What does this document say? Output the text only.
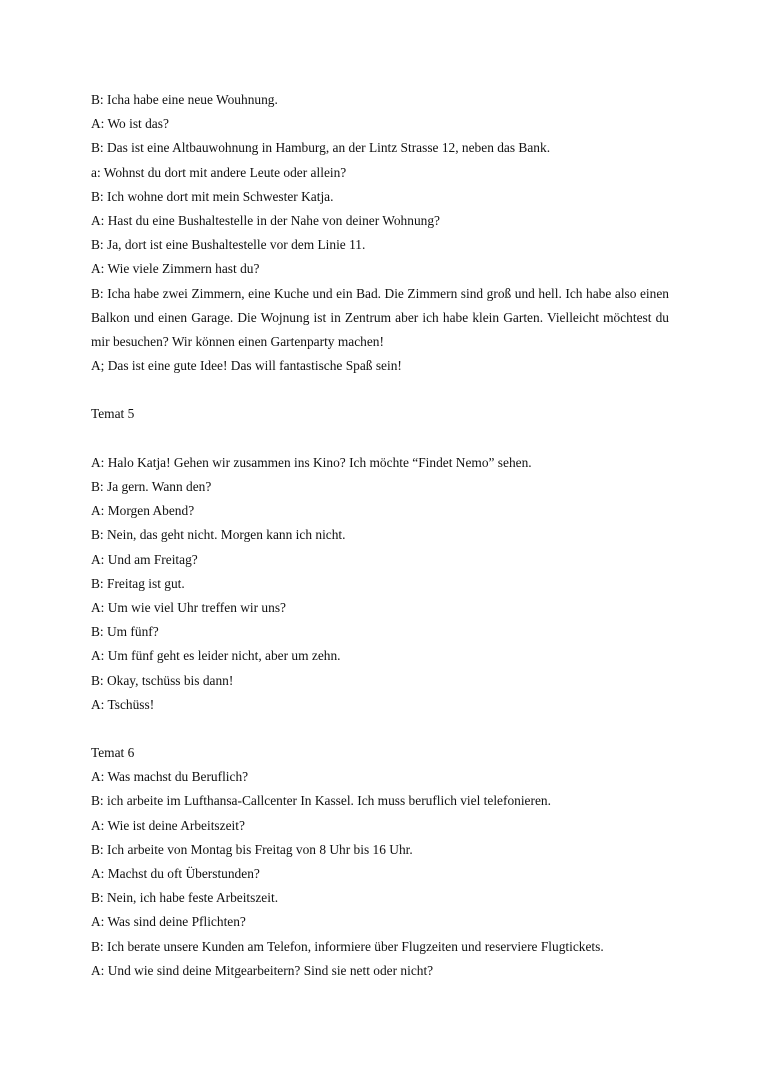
B: Icha habe eine neue Wouhnung.
A: Wo ist das?
B: Das ist eine Altbauwohnung in Hamburg, an der Lintz Strasse 12, neben das Bank.
a: Wohnst du dort mit andere Leute oder allein?
B: Ich wohne dort mit mein Schwester Katja.
A: Hast du eine Bushaltestelle in der Nahe von deiner Wohnung?
B: Ja, dort ist eine Bushaltestelle vor dem Linie 11.
A: Wie viele Zimmern hast du?
B: Icha habe zwei Zimmern, eine Kuche und ein Bad. Die Zimmern sind groß und hell. Ich habe also einen Balkon und einen Garage. Die Wojnung ist in Zentrum aber ich habe klein Garten. Vielleicht möchtest du mir besuchen? Wir können einen Gartenparty machen!
A; Das ist eine gute Idee! Das will fantastische Spaß sein!
Temat 5
A: Halo Katja! Gehen wir zusammen ins Kino? Ich möchte “Findet Nemo” sehen.
B: Ja gern. Wann den?
A: Morgen Abend?
B: Nein, das geht nicht. Morgen kann ich nicht.
A: Und am Freitag?
B: Freitag ist gut.
A: Um wie viel Uhr treffen wir uns?
B: Um fünf?
A: Um fünf geht es leider nicht, aber um zehn.
B: Okay, tschüss bis dann!
A: Tschüss!
Temat 6
A: Was machst du Beruflich?
B: ich arbeite im Lufthansa-Callcenter In Kassel. Ich muss beruflich viel telefonieren.
A: Wie ist deine Arbeitszeit?
B: Ich arbeite von Montag bis Freitag von 8 Uhr bis 16 Uhr.
A: Machst du oft Überstunden?
B: Nein, ich habe feste Arbeitszeit.
A: Was sind deine Pflichten?
B: Ich berate unsere Kunden am Telefon, informiere über Flugzeiten und reserviere Flugtickets.
A: Und wie sind deine Mitgearbeitern? Sind sie nett oder nicht?
